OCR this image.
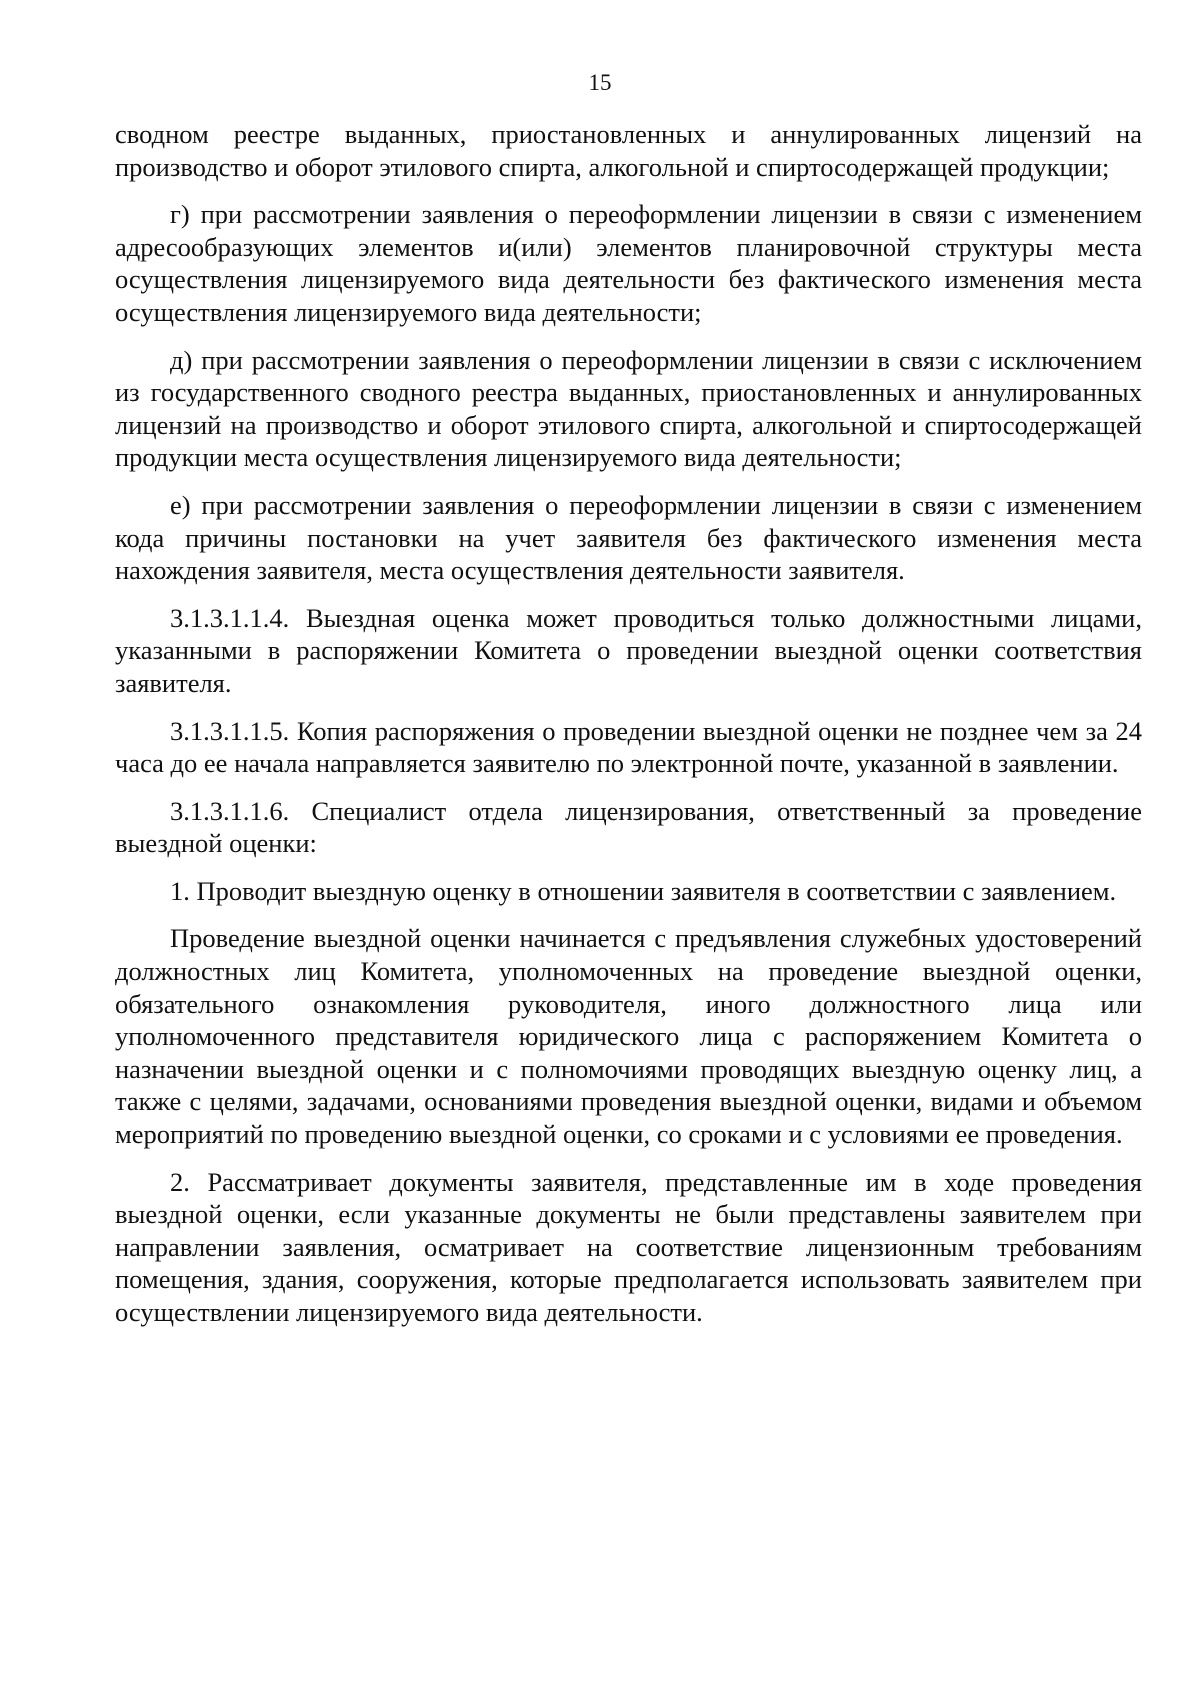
15

сводном реестре выданных, приостановленных и аннулированных лицензий на производство и оборот этилового спирта, алкогольной и спиртосодержащей продукции;

г) при рассмотрении заявления о переоформлении лицензии в связи с изменением адресообразующих элементов и(или) элементов планировочной структуры места осуществления лицензируемого вида деятельности без фактического изменения места осуществления лицензируемого вида деятельности;

д) при рассмотрении заявления о переоформлении лицензии в связи с исключением из государственного сводного реестра выданных, приостановленных и аннулированных лицензий на производство и оборот этилового спирта, алкогольной и спиртосодержащей продукции места осуществления лицензируемого вида деятельности;

е) при рассмотрении заявления о переоформлении лицензии в связи с изменением кода причины постановки на учет заявителя без фактического изменения места нахождения заявителя, места осуществления деятельности заявителя.

3.1.3.1.1.4. Выездная оценка может проводиться только должностными лицами, указанными в распоряжении Комитета о проведении выездной оценки соответствия заявителя.

3.1.3.1.1.5. Копия распоряжения о проведении выездной оценки не позднее чем за 24 часа до ее начала направляется заявителю по электронной почте, указанной в заявлении.

3.1.3.1.1.6. Специалист отдела лицензирования, ответственный за проведение выездной оценки:

1. Проводит выездную оценку в отношении заявителя в соответствии с заявлением.

Проведение выездной оценки начинается с предъявления служебных удостоверений должностных лиц Комитета, уполномоченных на проведение выездной оценки, обязательного ознакомления руководителя, иного должностного лица или уполномоченного представителя юридического лица с распоряжением Комитета о назначении выездной оценки и с полномочиями проводящих выездную оценку лиц, а также с целями, задачами, основаниями проведения выездной оценки, видами и объемом мероприятий по проведению выездной оценки, со сроками и с условиями ее проведения.

2. Рассматривает документы заявителя, представленные им в ходе проведения выездной оценки, если указанные документы не были представлены заявителем при направлении заявления, осматривает на соответствие лицензионным требованиям помещения, здания, сооружения, которые предполагается использовать заявителем при осуществлении лицензируемого вида деятельности.
